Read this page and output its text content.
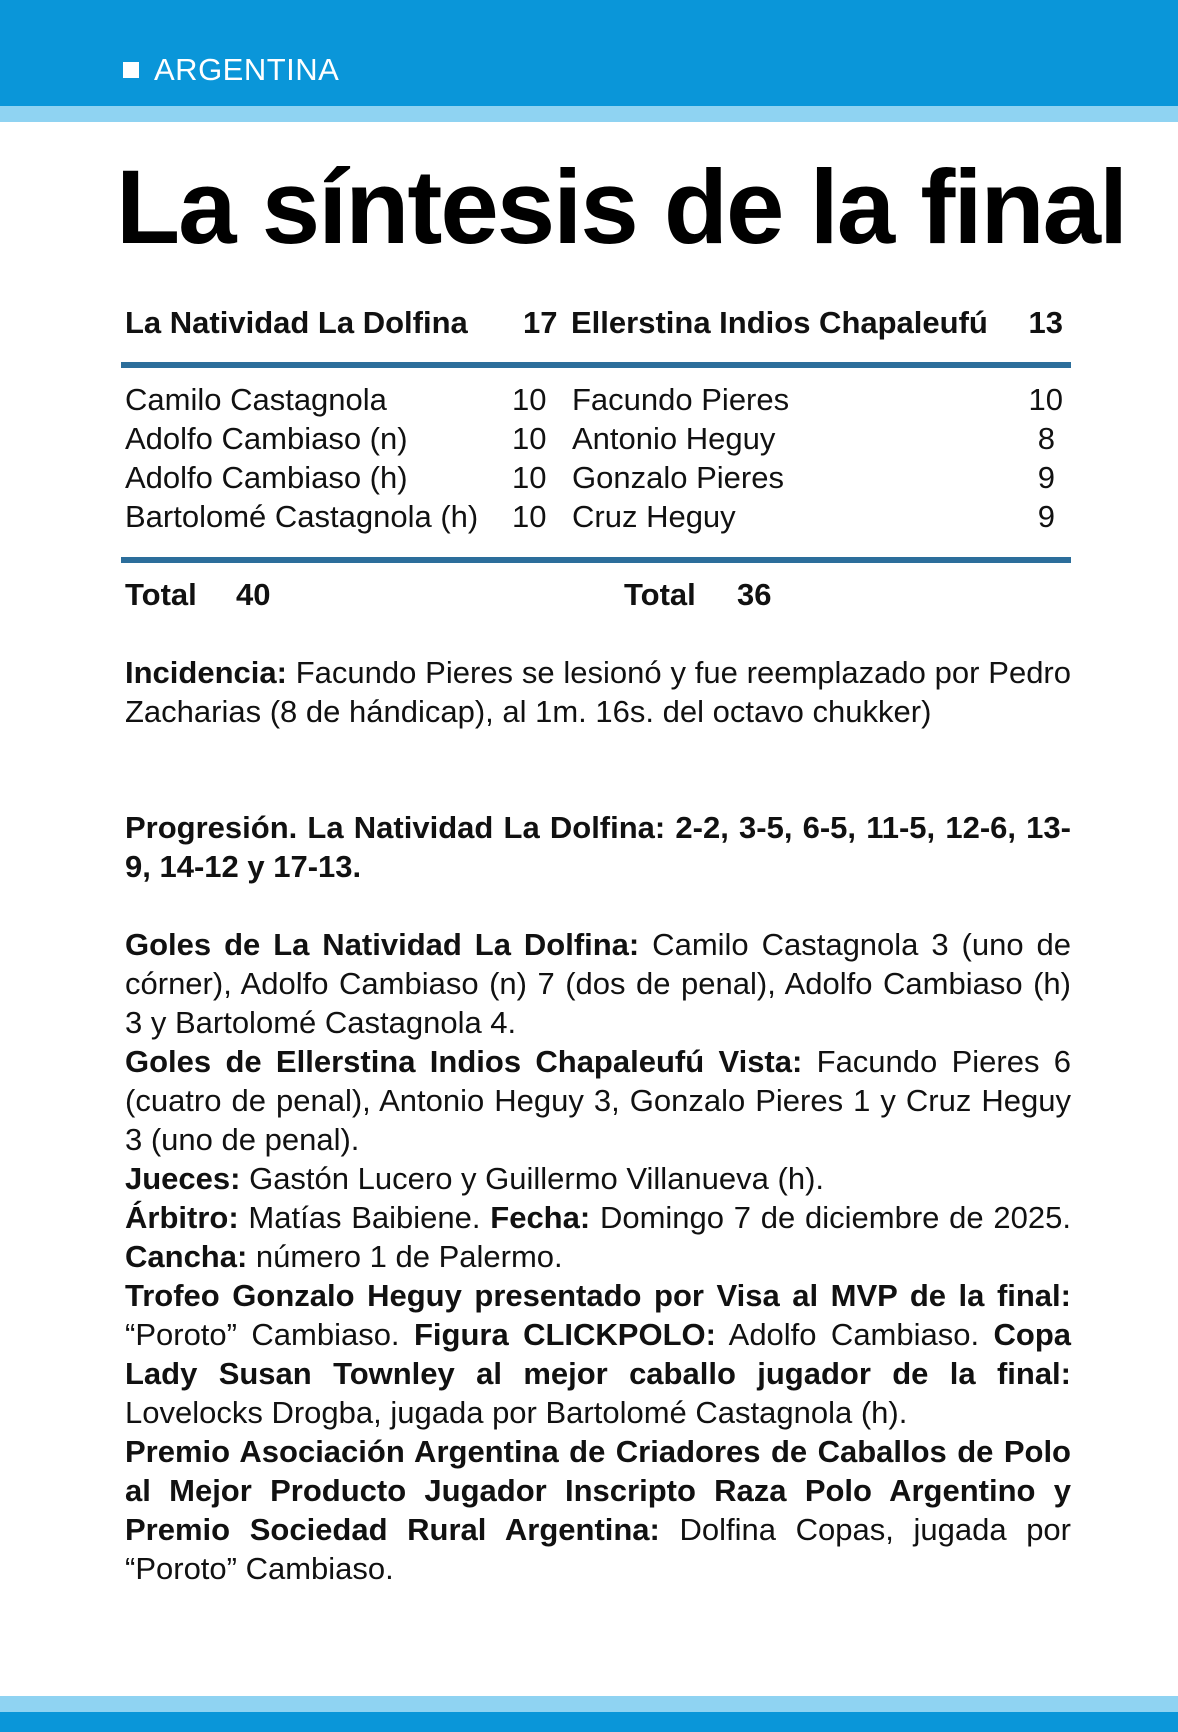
ARGENTINA
La síntesis de la final
La Natividad La Dolfina 17 Ellerstina Indios Chapaleufú 13
Camilo Castagnola	10 Facundo Pieres	10
Adolfo Cambiaso (n)	10 Antonio Heguy	8
Adolfo Cambiaso (h)	10 Gonzalo Pieres	9
Bartolomé Castagnola (h) 10 Cruz Heguy	9
Total 40	Total 36

Incidencia: Facundo Pieres se lesionó y fue reemplazado por Pedro Zacharias (8 de hándicap), al 1m. 16s. del octavo chukker)

Progresión. La Natividad La Dolfina: 2-2, 3-5, 6-5, 11-5, 12-6, 13-9, 14-12 y 17-13.

Goles de La Natividad La Dolfina: Camilo Castagnola 3 (uno de córner), Adolfo Cambiaso (n) 7 (dos de penal), Adolfo Cambiaso (h) 3 y Bartolomé Castagnola 4.
Goles de Ellerstina Indios Chapaleufú Vista: Facundo Pieres 6 (cuatro de penal), Antonio Heguy 3, Gonzalo Pieres 1 y Cruz Heguy 3 (uno de penal).
Jueces: Gastón Lucero y Guillermo Villanueva (h).
Árbitro: Matías Baibiene. Fecha: Domingo 7 de diciembre de 2025. Cancha: número 1 de Palermo.
Trofeo Gonzalo Heguy presentado por Visa al MVP de la final: “Poroto” Cambiaso. Figura CLICKPOLO: Adolfo Cambiaso. Copa Lady Susan Townley al mejor caballo jugador de la final: Lovelocks Drogba, jugada por Bartolomé Castagnola (h).
Premio Asociación Argentina de Criadores de Caballos de Polo al Mejor Producto Jugador Inscripto Raza Polo Argentino y Premio Sociedad Rural Argentina: Dolfina Copas, jugada por “Poroto” Cambiaso.
